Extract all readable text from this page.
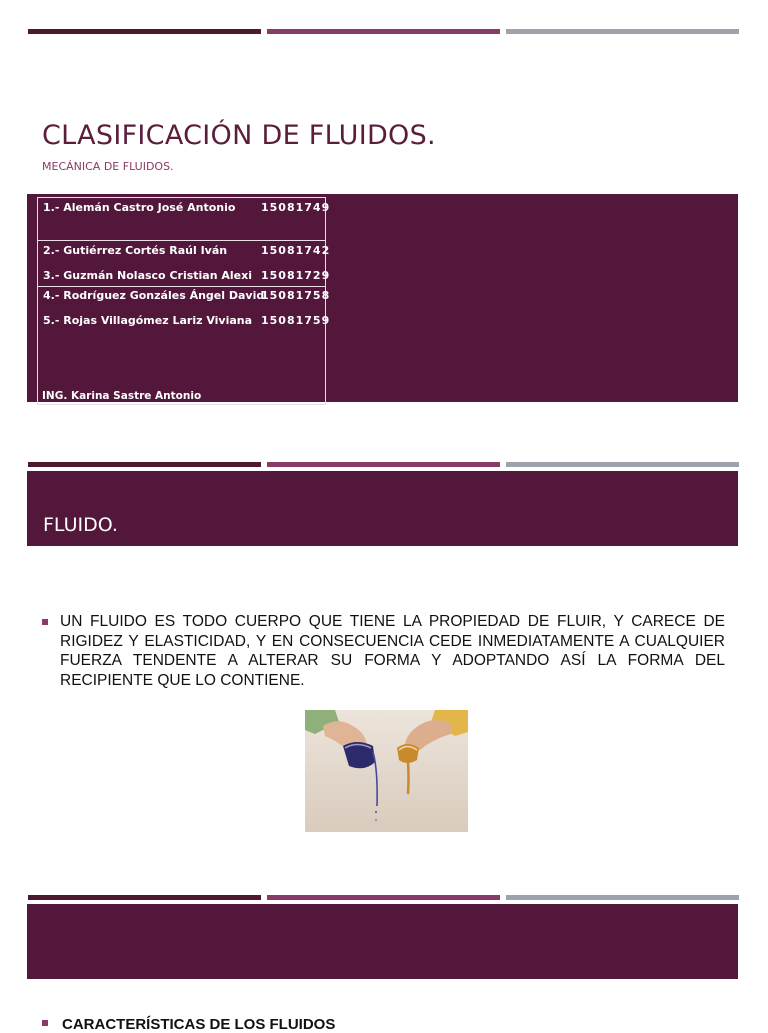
CLASIFICACIÓN DE FLUIDOS.
MECÁNICA DE FLUIDOS.
1.- Alemán Castro José Antonio 15081749
2.- Gutiérrez Cortés Raúl Iván	15081742
3.- Guzmán Nolasco Cristian Alexi 15081729
4.- Rodríguez Gonzáles Ángel David
15081758
5.- Rojas Villagómez Lariz Viviana 15081759
ING. Karina Sastre Antonio
FLUIDO.
UN FLUIDO ES TODO CUERPO QUE TIENE LA PROPIEDAD DE FLUIR, Y CARECE DE RIGIDEZ Y ELASTICIDAD, Y EN CONSECUENCIA CEDE INMEDIATAMENTE A CUALQUIER FUERZA TENDENTE A ALTERAR SU FORMA Y ADOPTANDO ASÍ LA FORMA DEL RECIPIENTE QUE LO CONTIENE.
CARACTERÍSTICAS DE LOS FLUIDOS
